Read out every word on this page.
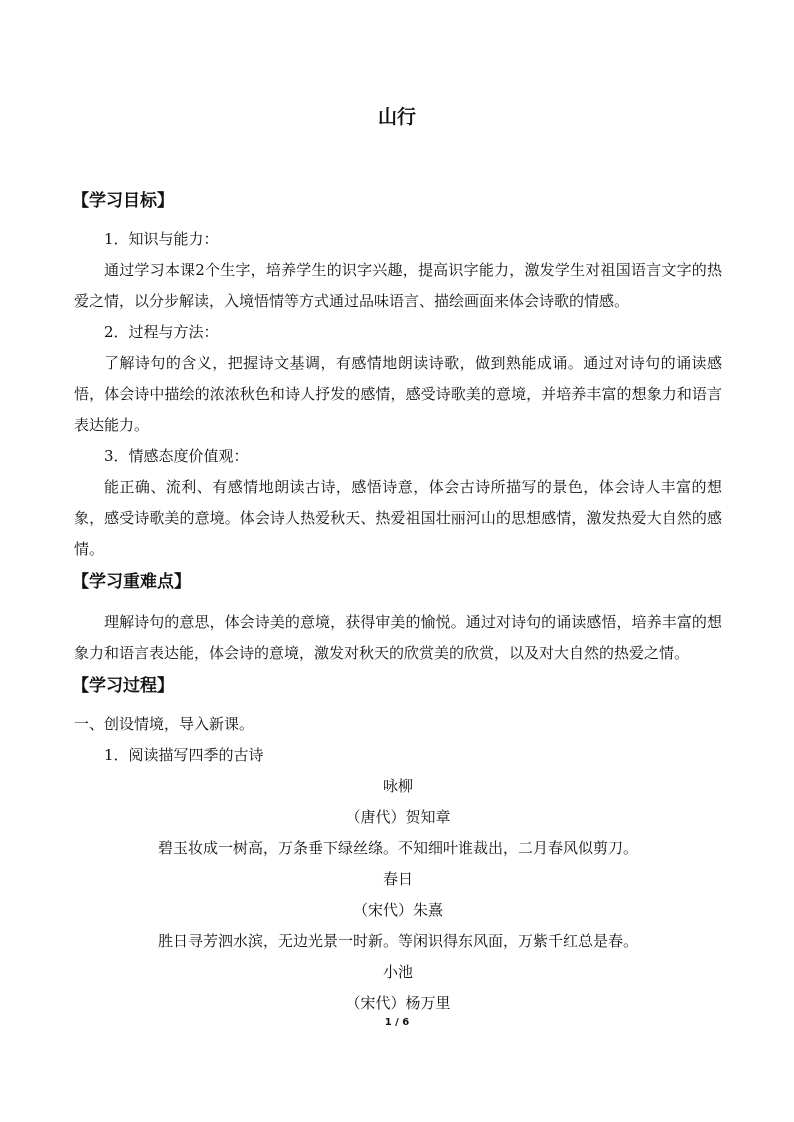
山行
【学习目标】
1．知识与能力：
通过学习本课2个生字，培养学生的识字兴趣，提高识字能力，激发学生对祖国语言文字的热爱之情，以分步解读，入境悟情等方式通过品味语言、描绘画面来体会诗歌的情感。
2．过程与方法：
了解诗句的含义，把握诗文基调，有感情地朗读诗歌，做到熟能成诵。通过对诗句的诵读感悟，体会诗中描绘的浓浓秋色和诗人抒发的感情，感受诗歌美的意境，并培养丰富的想象力和语言表达能力。
3．情感态度价值观：
能正确、流利、有感情地朗读古诗，感悟诗意，体会古诗所描写的景色，体会诗人丰富的想象，感受诗歌美的意境。体会诗人热爱秋天、热爱祖国壮丽河山的思想感情，激发热爱大自然的感情。
【学习重难点】
理解诗句的意思，体会诗美的意境，获得审美的愉悦。通过对诗句的诵读感悟，培养丰富的想象力和语言表达能，体会诗的意境，激发对秋天的欣赏美的欣赏，以及对大自然的热爱之情。
【学习过程】
一、创设情境，导入新课。
1．阅读描写四季的古诗
咏柳
（唐代）贺知章
碧玉妆成一树高，万条垂下绿丝绦。不知细叶谁裁出，二月春风似剪刀。
春日
（宋代）朱熹
胜日寻芳泗水滨，无边光景一时新。等闲识得东风面，万紫千红总是春。
小池
（宋代）杨万里
1 / 6
